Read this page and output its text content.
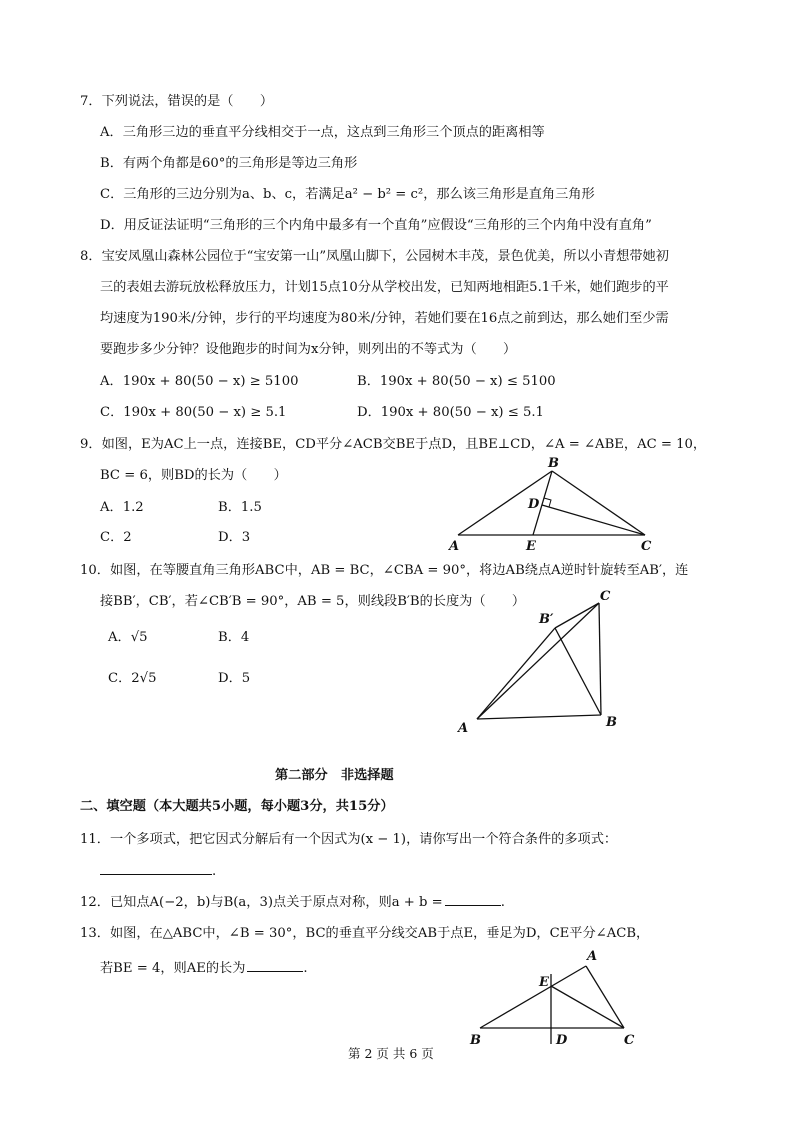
7．下列说法，错误的是（　　）
A．三角形三边的垂直平分线相交于一点，这点到三角形三个顶点的距离相等
B．有两个角都是60°的三角形是等边三角形
C．三角形的三边分别为a、b、c，若满足a² − b² = c²，那么该三角形是直角三角形
D．用反证法证明“三角形的三个内角中最多有一个直角”应假设“三角形的三个内角中没有直角”
8．宝安凤凰山森林公园位于“宝安第一山”凤凰山脚下，公园树木丰茂，景色优美，所以小青想带她初
三的表姐去游玩放松释放压力，计划15点10分从学校出发，已知两地相距5.1千米，她们跑步的平
均速度为190米/分钟，步行的平均速度为80米/分钟，若她们要在16点之前到达，那么她们至少需
要跑步多少分钟？设他跑步的时间为x分钟，则列出的不等式为（　　）
A．190x + 80(50 − x) ≥ 5100	B．190x + 80(50 − x) ≤ 5100
C．190x + 80(50 − x) ≥ 5.1	D．190x + 80(50 − x) ≤ 5.1
9．如图，E为AC上一点，连接BE，CD平分∠ACB交BE于点D，且BE⊥CD，∠A = ∠ABE，AC = 10，
BC = 6，则BD的长为（　　）
A．1.2	B．1.5
C．2	D．3
A
B
C
D
E
10．如图，在等腰直角三角形ABC中，AB = BC，∠CBA = 90°，将边AB绕点A逆时针旋转至AB′，连
接BB′，CB′，若∠CB′B = 90°，AB = 5，则线段B′B的长度为（　　）
A．√5	B．4
C．2√5	D．5
A	B
C
B′
第二部分　非选择题
二、填空题（本大题共5小题，每小题3分，共15分）
11．一个多项式，把它因式分解后有一个因式为(x − 1)，请你写出一个符合条件的多项式：
.
12．已知点A(−2，b)与B(a，3)点关于原点对称，则a + b =	.
13．如图，在△ABC中，∠B = 30°，BC的垂直平分线交AB于点E，垂足为D，CE平分∠ACB，
若BE = 4，则AE的长为	.
A
B	C
D
E
第 2 页 共 6 页
